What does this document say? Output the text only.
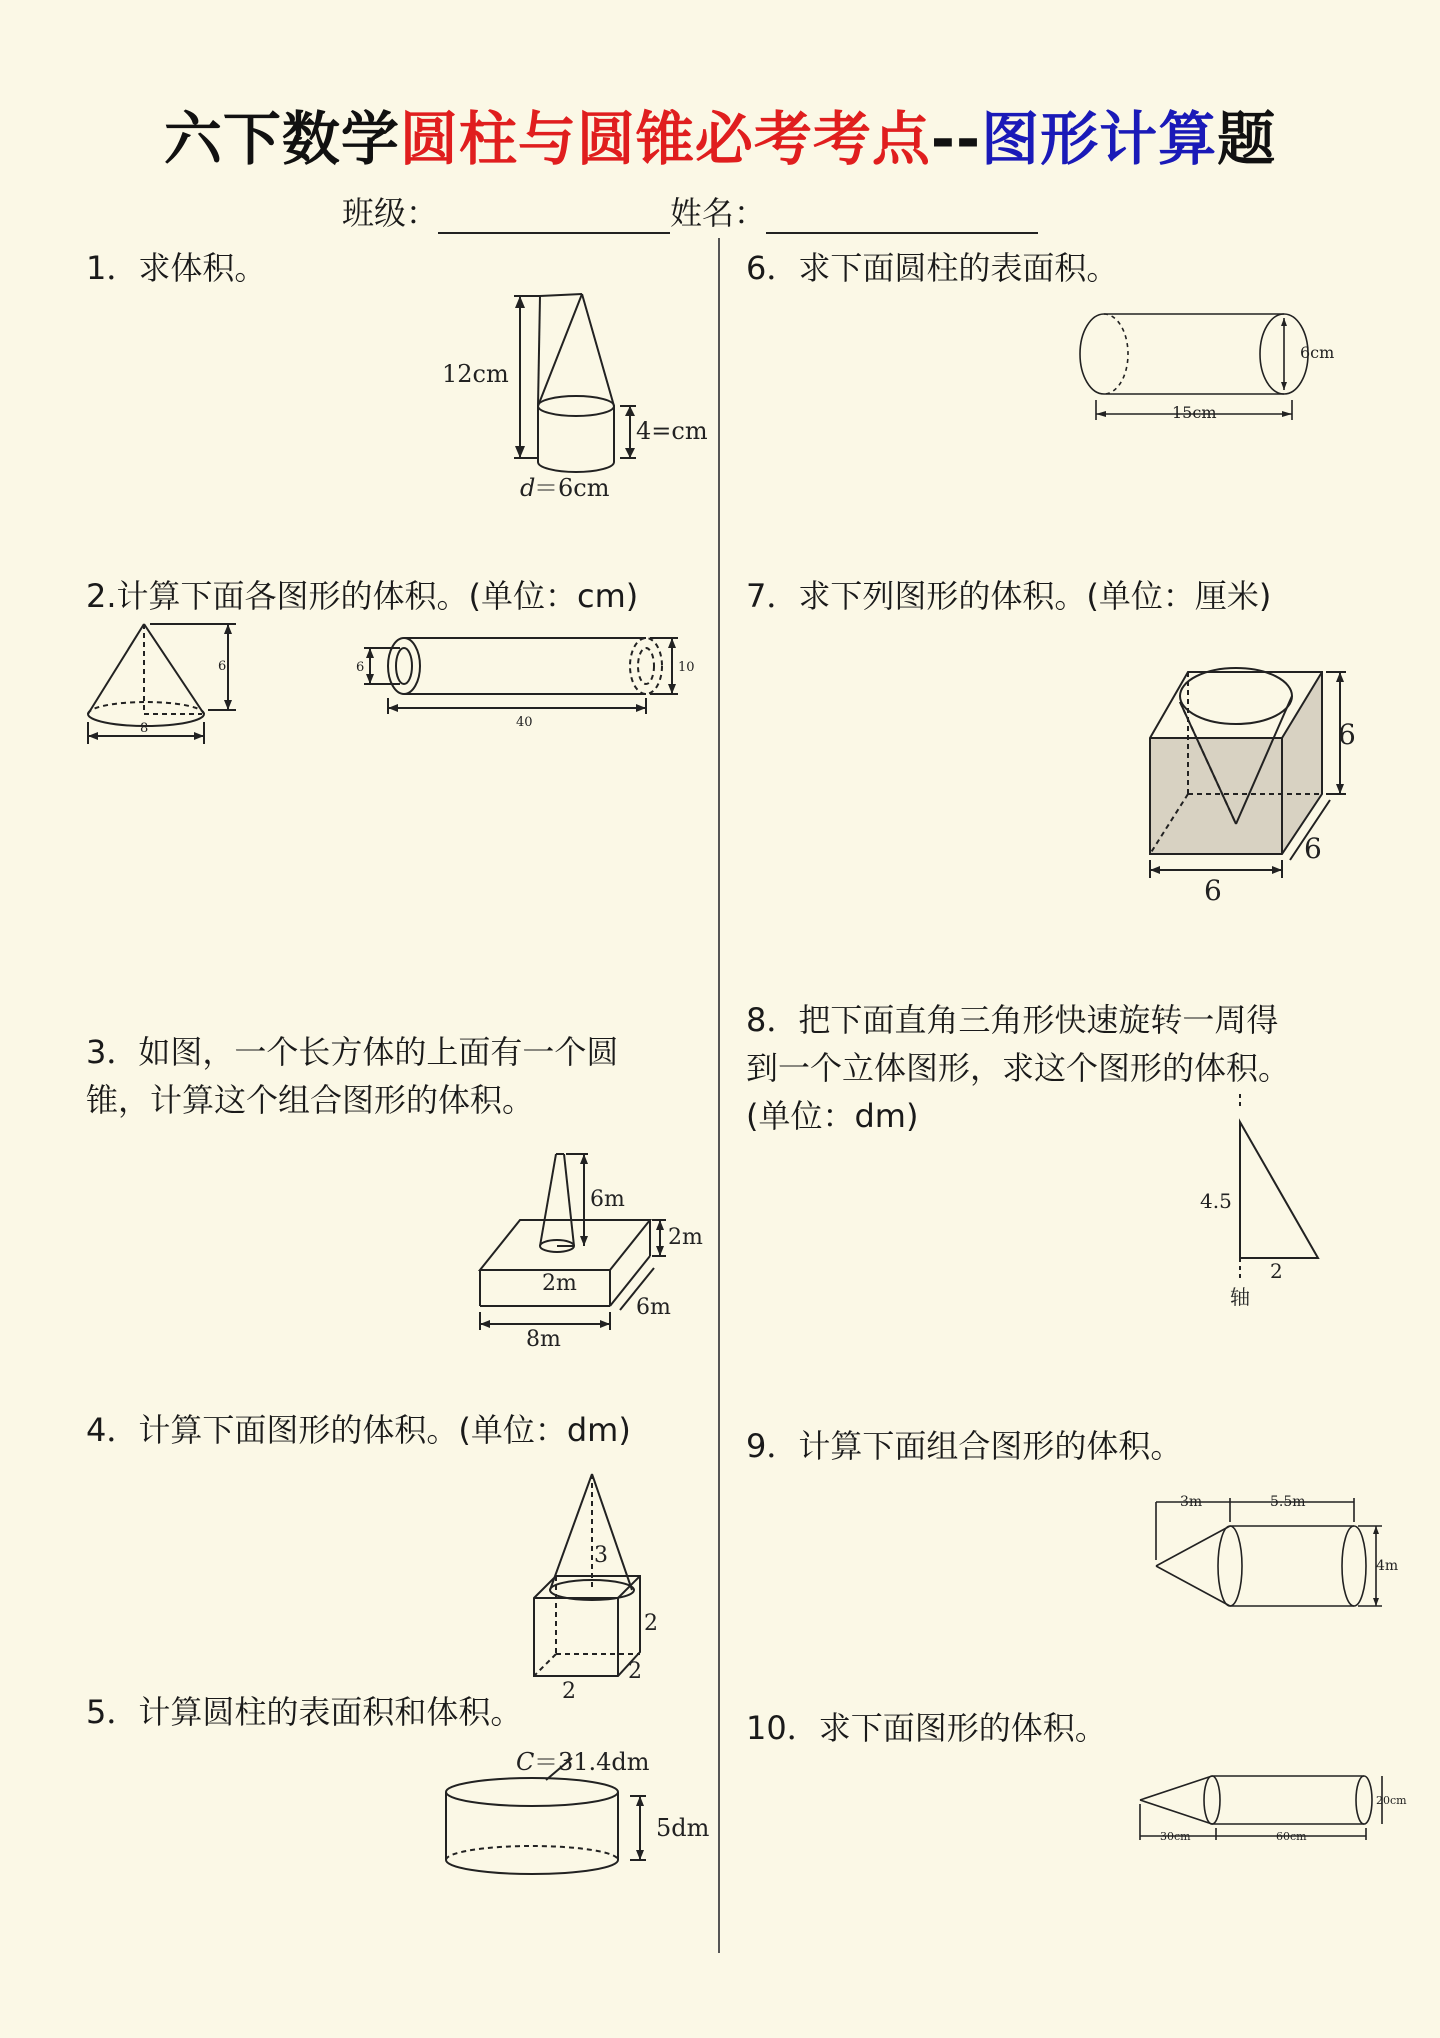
六下数学圆柱与圆锥必考考点--图形计算题
班级：	姓名：
1．求体积。
2.计算下面各图形的体积。(单位：cm)
3．如图，一个长方体的上面有一个圆
锥，计算这个组合图形的体积。
4．计算下面图形的体积。(单位：dm)
5．计算圆柱的表面积和体积。
6．求下面圆柱的表面积。
7．求下列图形的体积。(单位：厘米)
8．把下面直角三角形快速旋转一周得
到一个立体图形，求这个图形的体积。
(单位：dm)
9．计算下面组合图形的体积。
10．求下面图形的体积。
12cm
4=cm
d
＝6cm
6
8
6	10
40
6m
2m
2m
8m
6m
3
2
2
2
C ＝31.4dm
5dm
6cm
15cm
6
6
6
4.5
2
轴
3m	5.5m
4m
30cm	60cm
20cm
